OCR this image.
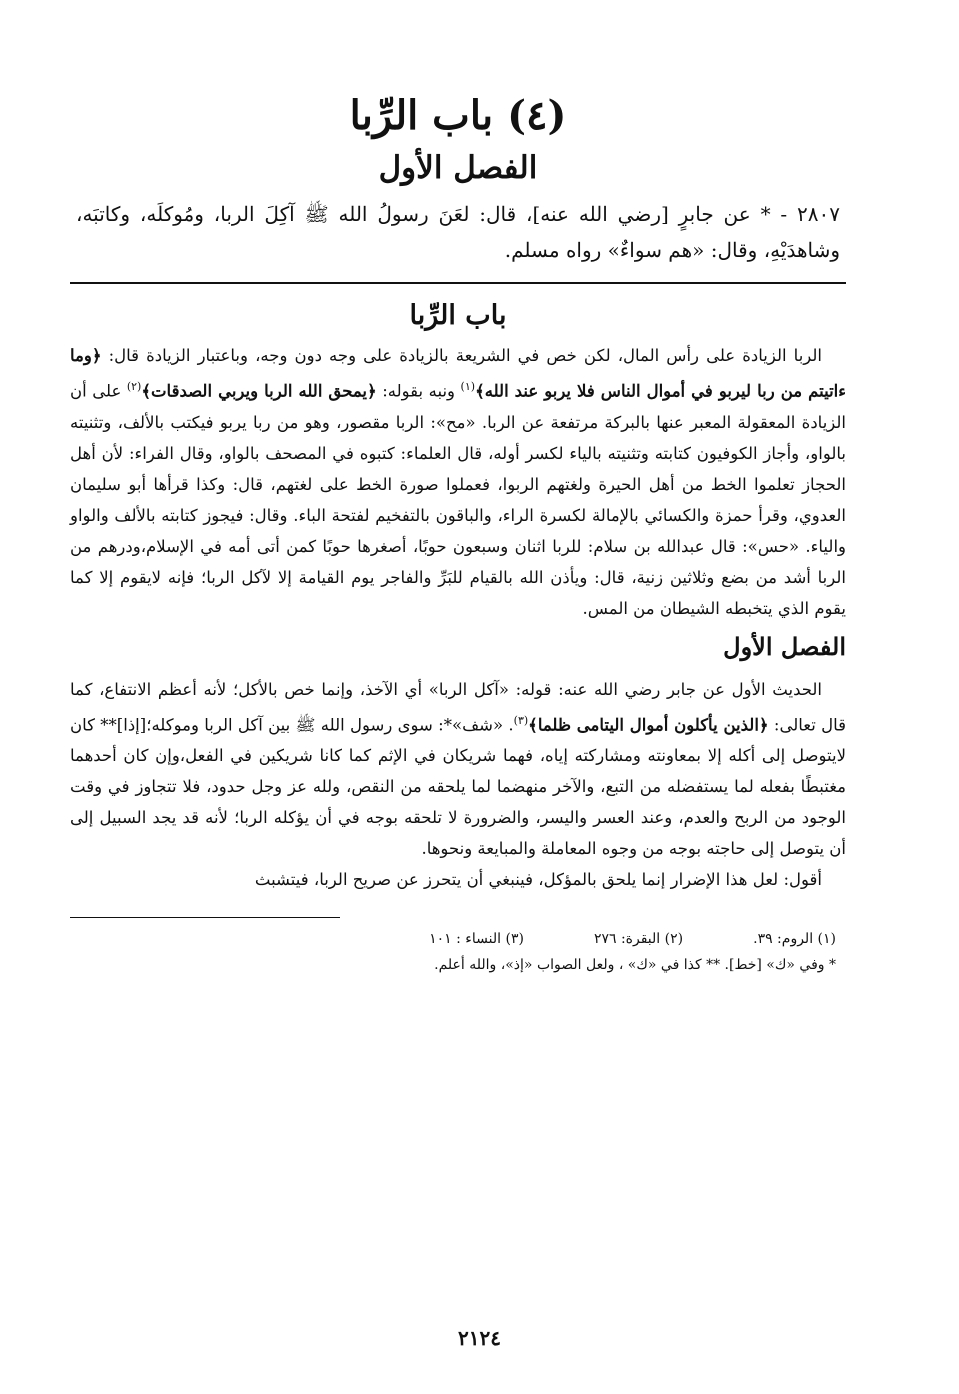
(٤) باب الرِّبا
الفصل الأول

٢٨٠٧ - * عن جابرٍ [رضي الله عنه]، قال: لعَنَ رسولُ الله ﷺ آكِلَ الربا، ومُوكلَه، وكاتبَه، وشاهدَيْهِ، وقال: «هم سواءٌ» رواه مسلم.

باب الرِّبا

الربا الزيادة على رأس المال، لكن خص في الشريعة بالزيادة على وجه دون وجه، وباعتبار الزيادة قال: ﴿وما ءاتيتم من ربا ليربو في أموال الناس فلا يربو عند الله﴾$^{(١)}$ ونبه بقوله: ﴿يمحق الله الربا ويربي الصدقات﴾$^{(٢)}$ على أن الزيادة المعقولة المعبر عنها بالبركة مرتفعة عن الربا. «مح»: الربا مقصور، وهو من ربا يربو فيكتب بالألف، وتثنيته بالواو، وأجاز الكوفيون كتابته وتثنيته بالياء لكسر أوله، قال العلماء: كتبوه في المصحف بالواو، وقال الفراء: لأن أهل الحجاز تعلموا الخط من أهل الحيرة ولغتهم الربوا، فعملوا صورة الخط على لغتهم، قال: وكذا قرأها أبو سليمان العدوي، وقرأ حمزة والكسائي بالإمالة لكسرة الراء، والباقون بالتفخيم لفتحة الباء. وقال: فيجوز كتابته بالألف والواو والياء. «حس»: قال عبدالله بن سلام: للربا اثنان وسبعون حوبًا، أصغرها حوبًا كمن أتى أمه في الإسلام،ودرهم من الربا أشد من بضع وثلاثين زنية، قال: ويأذن الله بالقيام للبَرِّ والفاجر يوم القيامة إلا لآكل الربا؛ فإنه لايقوم إلا كما يقوم الذي يتخبطه الشيطان من المس.

الفصل الأول

الحديث الأول عن جابر رضي الله عنه: قوله: «آكل الربا» أي الآخذ، وإنما خص بالأكل؛ لأنه أعظم الانتفاع، كما قال تعالى: ﴿الذين يأكلون أموال اليتامى ظلما﴾$^{(٣)}$. «شف»*: سوى رسول الله ﷺ بين آكل الربا وموكله؛[إذا]** كان لايتوصل إلى أكله إلا بمعاونته ومشاركته إياه، فهما شريكان في الإثم كما كانا شريكين في الفعل،وإن كان أحدهما مغتبطًا بفعله لما يستفضله من التبع، والآخر منهضما لما يلحقه من النقص، ولله عز وجل حدود، فلا تتجاوز في وقت الوجود من الربح والعدم، وعند العسر واليسر، والضرورة لا تلحقه بوجه في أن يؤكله الربا؛ لأنه قد يجد السبيل إلى أن يتوصل إلى حاجته بوجه من وجوه المعاملة والمبايعة ونحوها.

أقول: لعل هذا الإضرار إنما يلحق بالمؤكل، فينبغي أن يتحرز عن صريح الربا، فيتشبث

(١) الروم: ٣٩.
(٢) البقرة: ٢٧٦
(٣) النساء : ١٠١
* وفي «ك» [خط]. ** كذا في «ك» ، ولعل الصواب «إذ»، والله أعلم.
٢١٢٤
